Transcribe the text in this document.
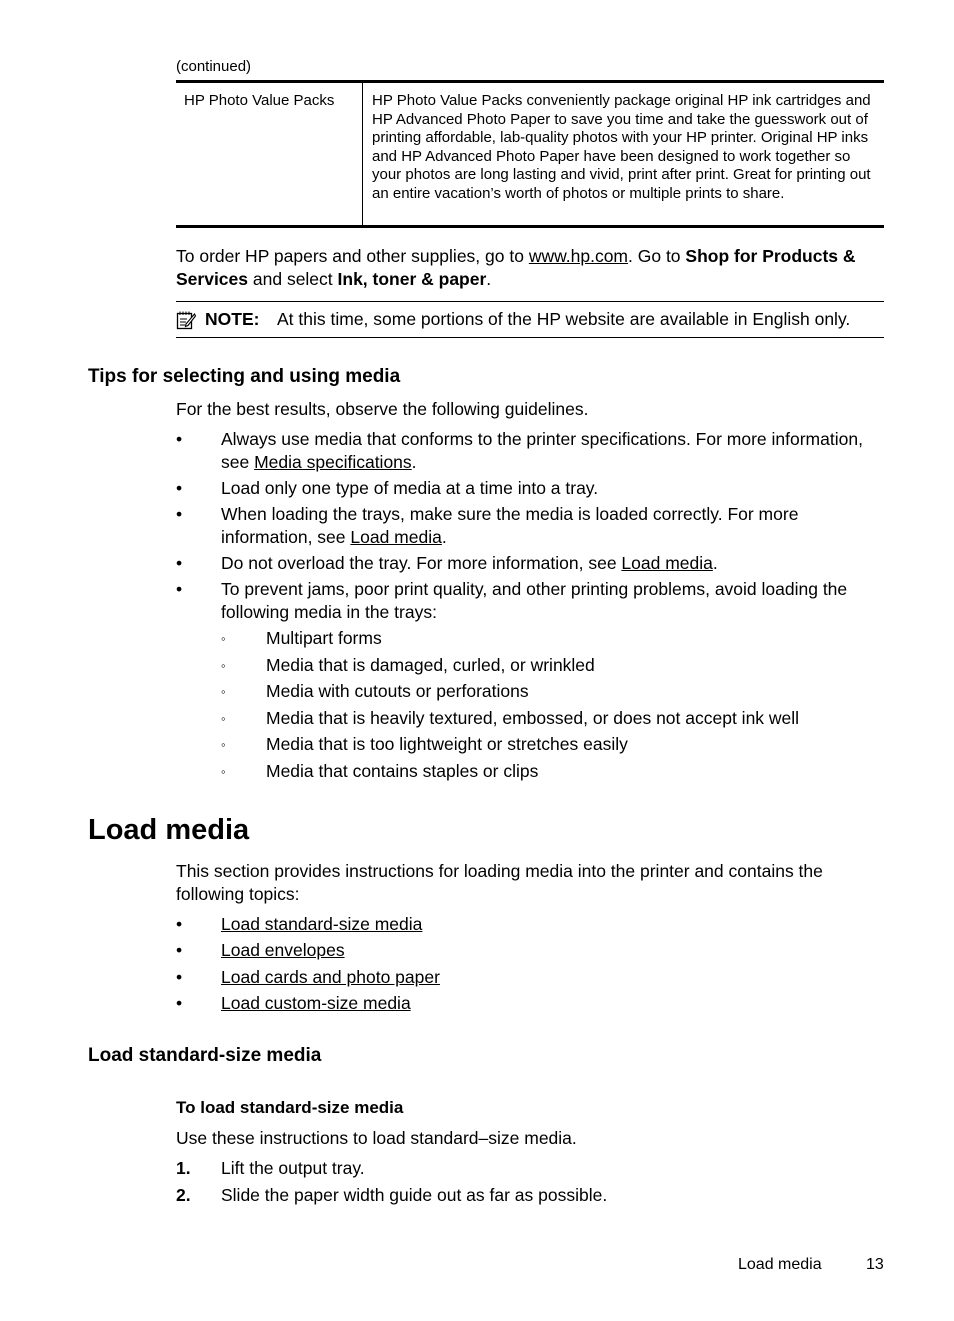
(continued)
HP Photo Value Packs	HP Photo Value Packs conveniently package original HP ink cartridges and HP Advanced Photo Paper to save you time and take the guesswork out of printing affordable, lab-quality photos with your HP printer. Original HP inks and HP Advanced Photo Paper have been designed to work together so your photos are long lasting and vivid, print after print. Great for printing out an entire vacation’s worth of photos or multiple prints to share.
To order HP papers and other supplies, go to www.hp.com. Go to Shop for Products & Services and select Ink, toner & paper.
NOTE: At this time, some portions of the HP website are available in English only.
Tips for selecting and using media
For the best results, observe the following guidelines.
• Always use media that conforms to the printer specifications. For more information, see Media specifications.
• Load only one type of media at a time into a tray.
• When loading the trays, make sure the media is loaded correctly. For more information, see Load media.
• Do not overload the tray. For more information, see Load media.
• To prevent jams, poor print quality, and other printing problems, avoid loading the following media in the trays:
◦ Multipart forms
◦ Media that is damaged, curled, or wrinkled
◦ Media with cutouts or perforations
◦ Media that is heavily textured, embossed, or does not accept ink well
◦ Media that is too lightweight or stretches easily
◦ Media that contains staples or clips
Load media
This section provides instructions for loading media into the printer and contains the following topics:
• Load standard-size media
• Load envelopes
• Load cards and photo paper
• Load custom-size media
Load standard-size media
To load standard-size media
Use these instructions to load standard–size media.
1. Lift the output tray.
2. Slide the paper width guide out as far as possible.
Load media	13
